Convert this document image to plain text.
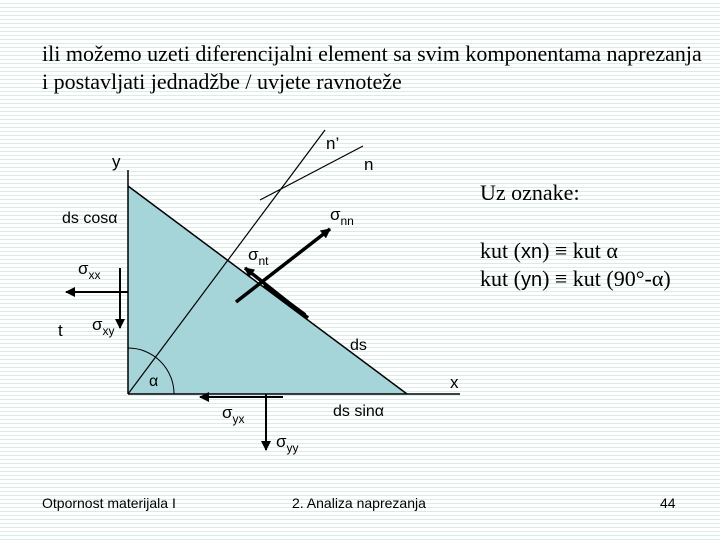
ili možemo uzeti diferencijalni element sa svim komponentama naprezanja i postavljati jednadžbe / uvjete ravnoteže
n’
n
y
x
t
ds cosα
ds sinα
ds
α
$\sigma_{nn}$
$\sigma_{nt}$
$\sigma_{xx}$
$\sigma_{xy}$
$\sigma_{yx}$
$\sigma_{yy}$
Uz oznake:
kut (xn) ≡ kut α
kut (yn) ≡ kut (90°-α)
Otpornost materijala I	2. Analiza naprezanja	44
